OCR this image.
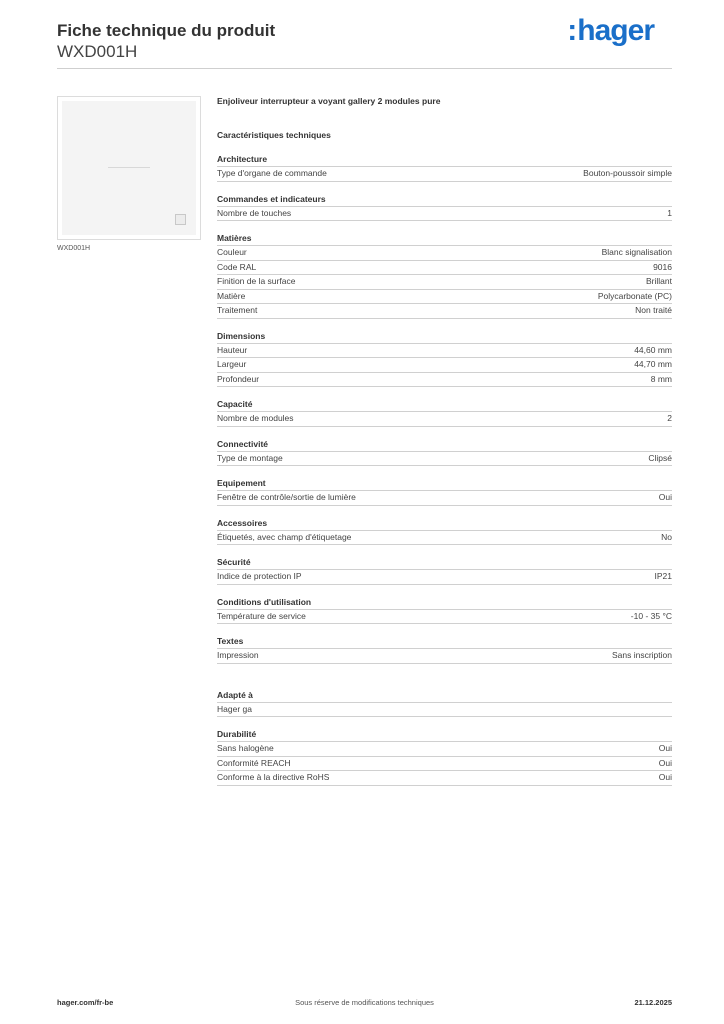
Fiche technique du produit
WXD001H
:hager
WXD001H
Enjoliveur interrupteur a voyant gallery 2 modules pure
Caractéristiques techniques
Architecture
Type d'organe de commande	Bouton-poussoir simple
Commandes et indicateurs
Nombre de touches	1
Matières
Couleur	Blanc signalisation
Code RAL	9016
Finition de la surface	Brillant
Matière	Polycarbonate (PC)
Traitement	Non traité
Dimensions
Hauteur	44,60 mm
Largeur	44,70 mm
Profondeur	8 mm
Capacité
Nombre de modules	2
Connectivité
Type de montage	Clipsé
Equipement
Fenêtre de contrôle/sortie de lumière	Oui
Accessoires
Étiquetés, avec champ d'étiquetage	No
Sécurité
Indice de protection IP	IP21
Conditions d'utilisation
Température de service	-10 - 35 °C
Textes
Impression	Sans inscription
Adapté à
Hager ga
Durabilité
Sans halogène	Oui
Conformité REACH	Oui
Conforme à la directive RoHS	Oui
hager.com/fr-be	Sous réserve de modifications techniques	21.12.2025
